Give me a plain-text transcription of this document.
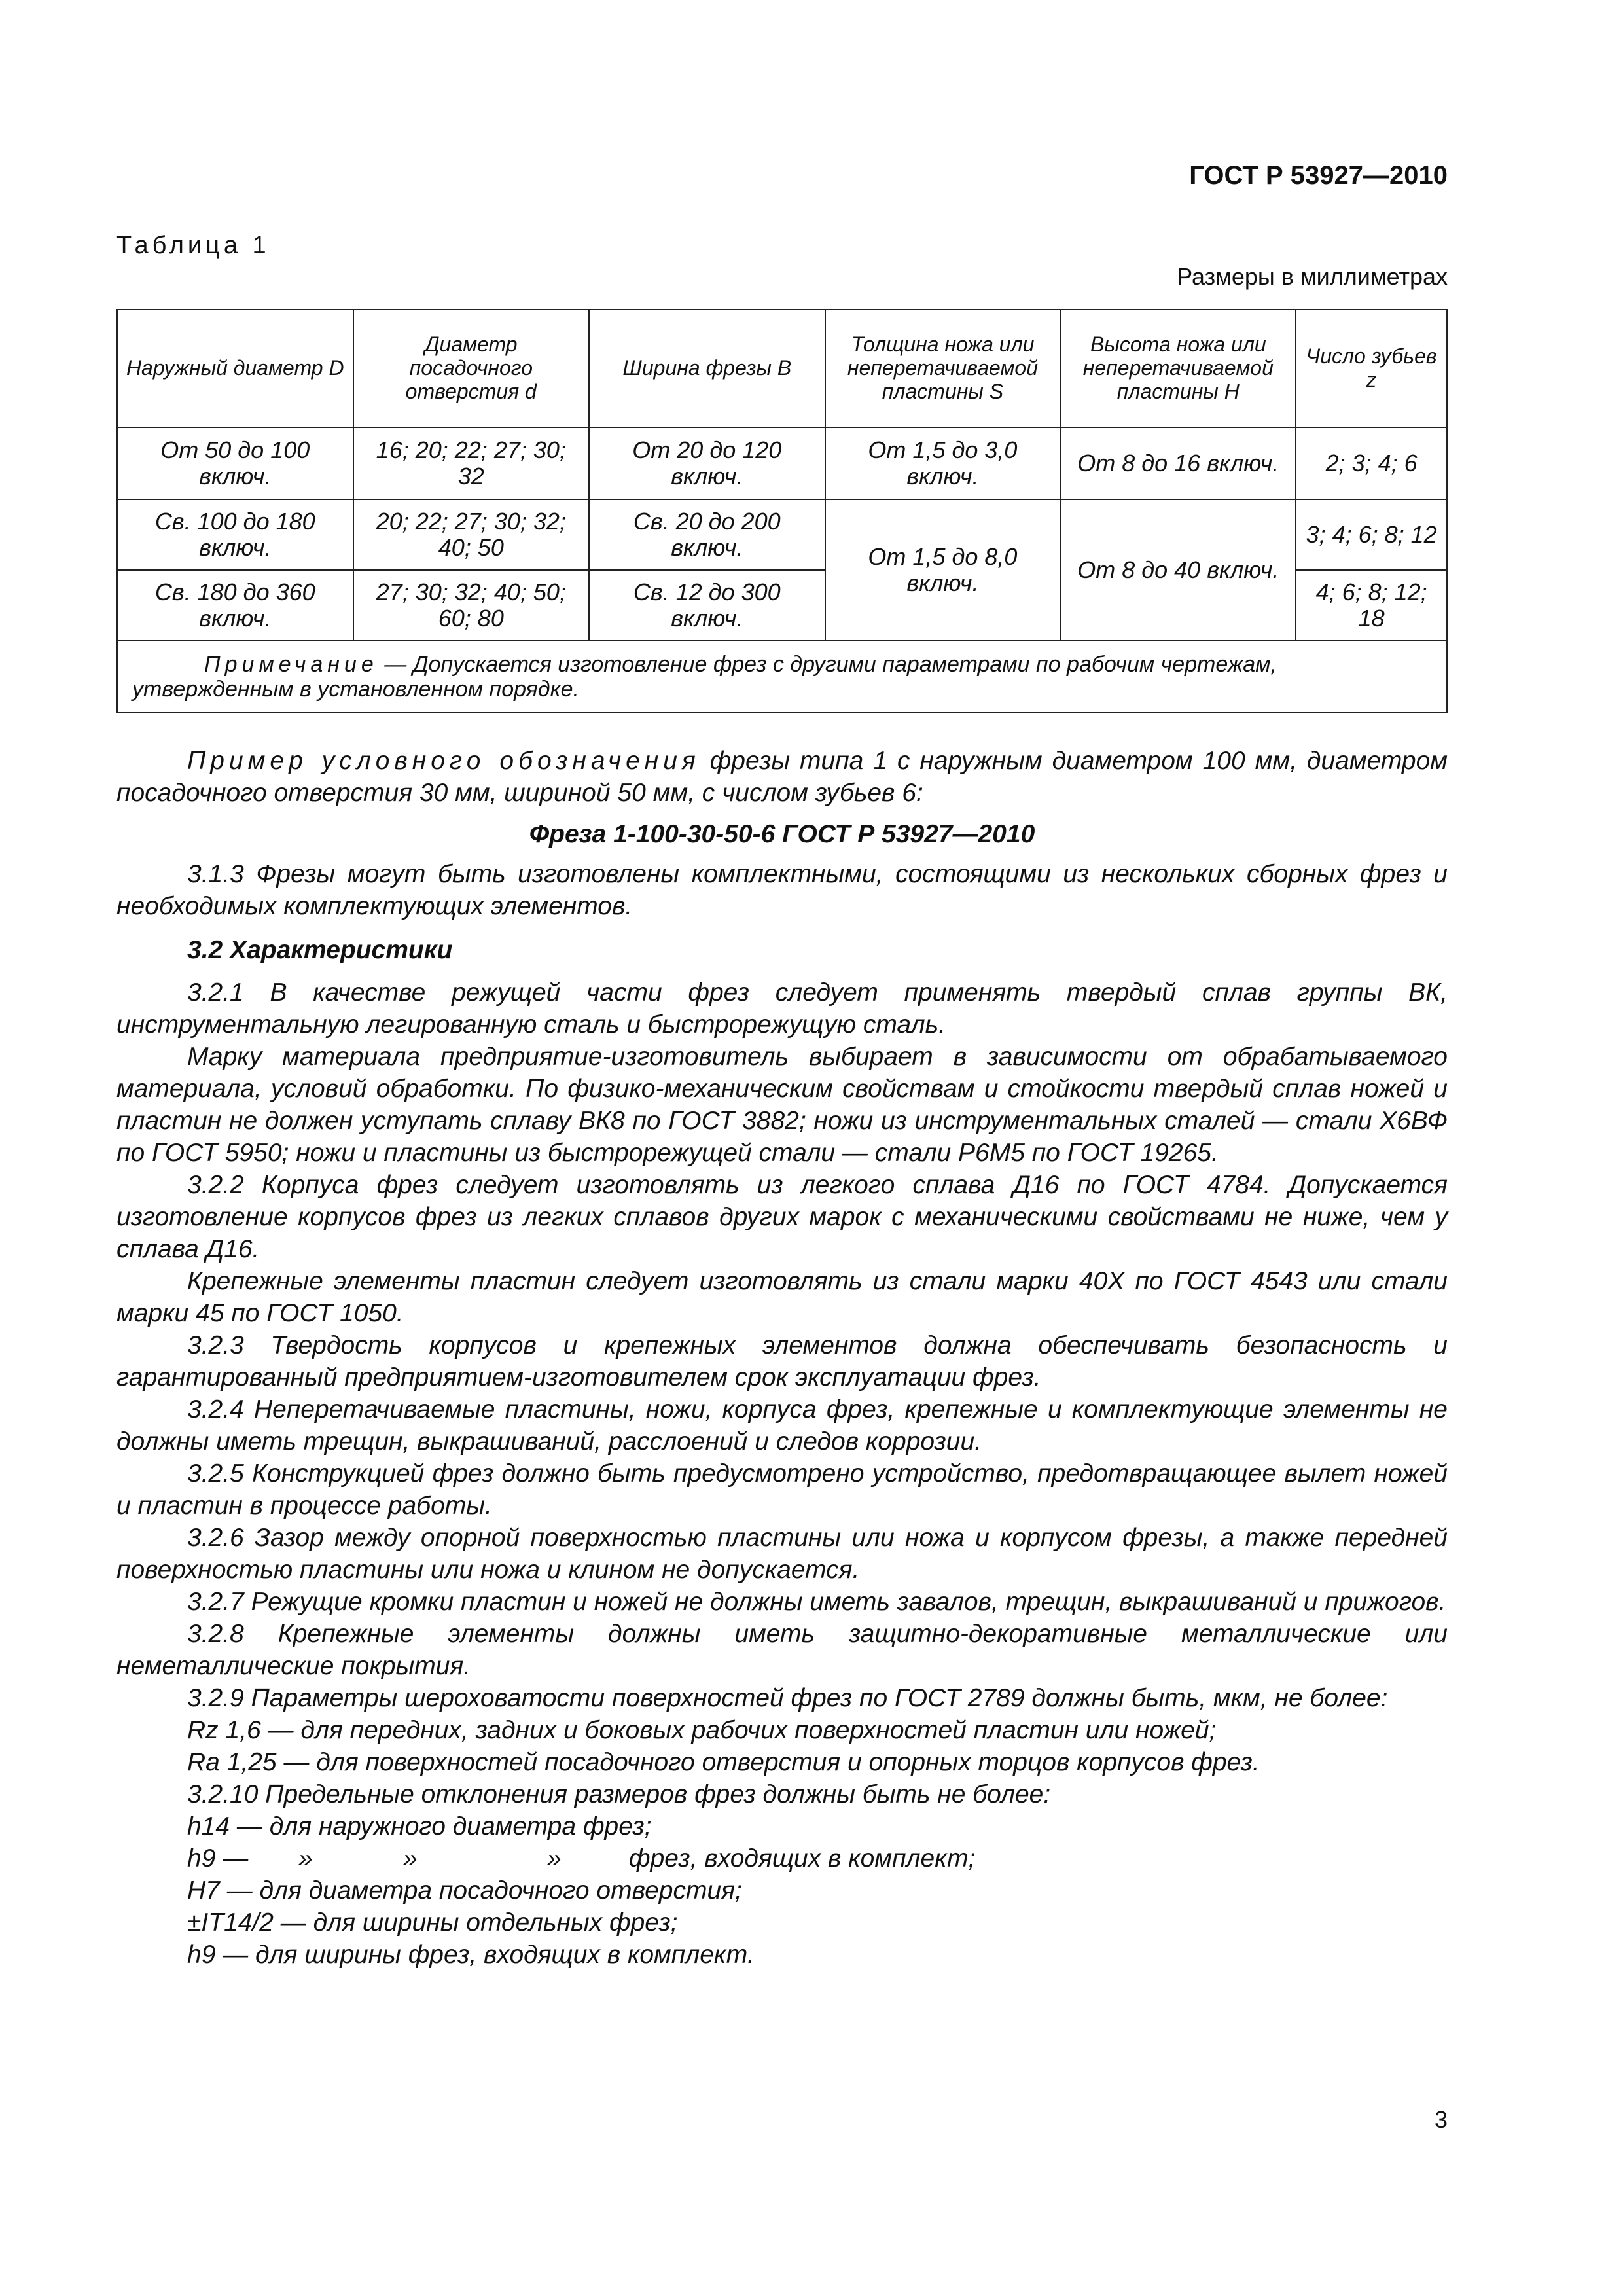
ГОСТ Р 53927—2010
Таблица 1
Размеры в миллиметрах
Наружный диаметр D	Диаметр посадочного отверстия d	Ширина фрезы B	Толщина ножа или неперетачиваемой пластины S	Высота ножа или неперетачиваемой пластины H	Число зубьев z
От 50 до 100 включ.	16; 20; 22; 27; 30; 32	От 20 до 120 включ.	От 1,5 до 3,0 включ.	От 8 до 16 включ.	2; 3; 4; 6
Св. 100 до 180 включ.	20; 22; 27; 30; 32; 40; 50	Св. 20 до 200 включ.	От 1,5 до 8,0 включ.	От 8 до 40 включ.	3; 4; 6; 8; 12
Св. 180 до 360 включ.	27; 30; 32; 40; 50; 60; 80	Св. 12 до 300 включ.			4; 6; 8; 12; 18
Примечание — Допускается изготовление фрез с другими параметрами по рабочим чертежам, утвержденным в установленном порядке.					

Пример условного обозначения фрезы типа 1 с наружным диаметром 100 мм, диаметром посадочного отверстия 30 мм, шириной 50 мм, с числом зубьев 6:

Фреза 1-100-30-50-6 ГОСТ Р 53927—2010

3.1.3 Фрезы могут быть изготовлены комплектными, состоящими из нескольких сборных фрез и необходимых комплектующих элементов.

3.2 Характеристики

3.2.1 В качестве режущей части фрез следует применять твердый сплав группы ВК, инструментальную легированную сталь и быстрорежущую сталь.

Марку материала предприятие-изготовитель выбирает в зависимости от обрабатываемого материала, условий обработки. По физико-механическим свойствам и стойкости твердый сплав ножей и пластин не должен уступать сплаву ВК8 по ГОСТ 3882; ножи из инструментальных сталей — стали Х6ВФ по ГОСТ 5950; ножи и пластины из быстрорежущей стали — стали Р6М5 по ГОСТ 19265.

3.2.2 Корпуса фрез следует изготовлять из легкого сплава Д16 по ГОСТ 4784. Допускается изготовление корпусов фрез из легких сплавов других марок с механическими свойствами не ниже, чем у сплава Д16.

Крепежные элементы пластин следует изготовлять из стали марки 40Х по ГОСТ 4543 или стали марки 45 по ГОСТ 1050.

3.2.3 Твердость корпусов и крепежных элементов должна обеспечивать безопасность и гарантированный предприятием-изготовителем срок эксплуатации фрез.

3.2.4 Неперетачиваемые пластины, ножи, корпуса фрез, крепежные и комплектующие элементы не должны иметь трещин, выкрашиваний, расслоений и следов коррозии.

3.2.5 Конструкцией фрез должно быть предусмотрено устройство, предотвращающее вылет ножей и пластин в процессе работы.

3.2.6 Зазор между опорной поверхностью пластины или ножа и корпусом фрезы, а также передней поверхностью пластины или ножа и клином не допускается.

3.2.7 Режущие кромки пластин и ножей не должны иметь завалов, трещин, выкрашиваний и прижогов.

3.2.8 Крепежные элементы должны иметь защитно-декоративные металлические или неметаллические покрытия.

3.2.9 Параметры шероховатости поверхностей фрез по ГОСТ 2789 должны быть, мкм, не более:

Rz 1,6 — для передних, задних и боковых рабочих поверхностей пластин или ножей;

Ra 1,25 — для поверхностей посадочного отверстия и опорных торцов корпусов фрез.

3.2.10 Предельные отклонения размеров фрез должны быть не более:

h14 — для наружного диаметра фрез;

h9 — »	»	»	фрез, входящих в комплект;

H7 — для диаметра посадочного отверстия;

±IT14/2 — для ширины отдельных фрез;

h9 — для ширины фрез, входящих в комплект.

3
